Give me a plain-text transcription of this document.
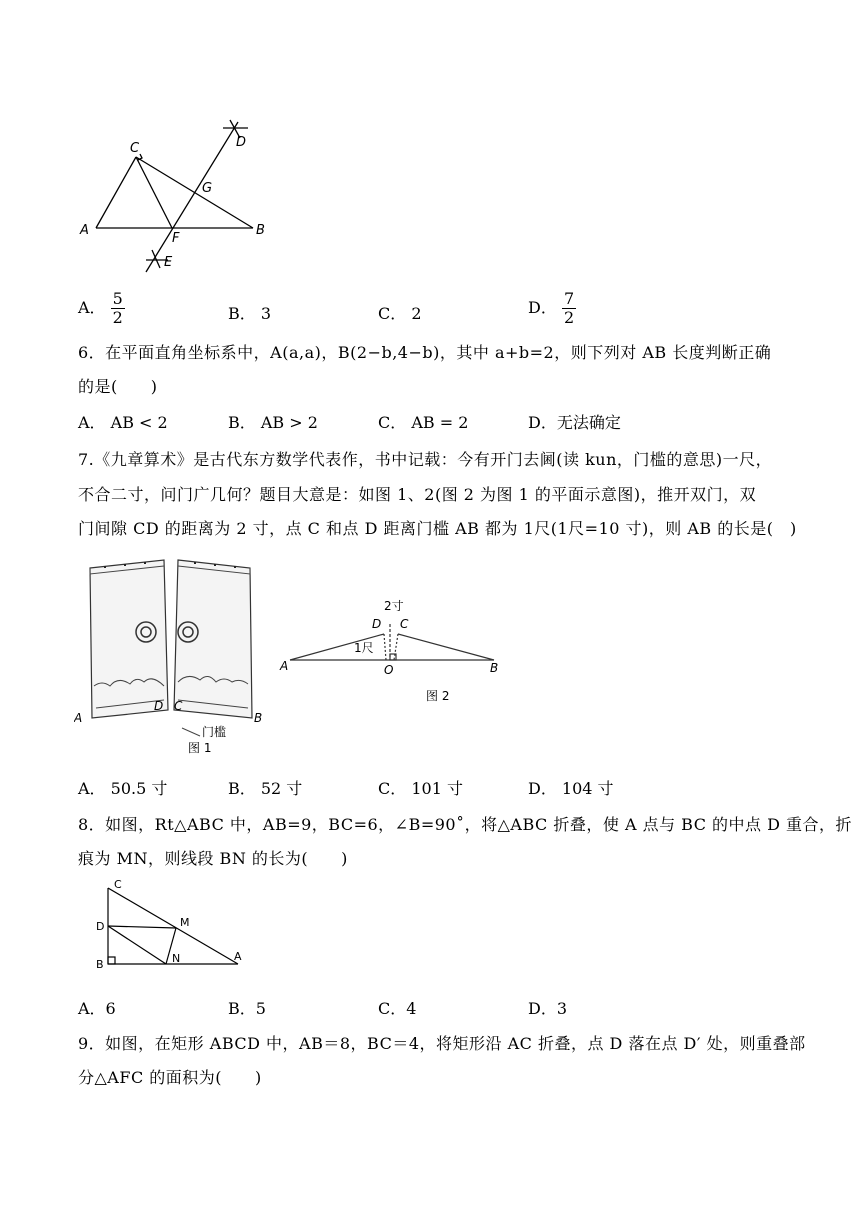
C	D
G
A
F
B
E
A． $\frac{5}{2}$	B． 3	C． 2	D． $\frac{7}{2}$
6．在平面直角坐标系中，A(a,a)，B(2−b,4−b)，其中 a+b=2，则下列对 AB 长度判断正确
的是(　　)
A． AB < 2	B． AB > 2	C． AB = 2	D．无法确定
7.《九章算术》是古代东方数学代表作，书中记载：今有开门去阃(读 kun，门槛的意思)一尺，
不合二寸，问门广几何？题目大意是：如图 1、2(图 2 为图 1 的平面示意图)，推开双门，双
门间隙 CD 的距离为 2 寸，点 C 和点 D 距离门槛 AB 都为 1尺(1尺=10 寸)，则 AB 的长是(　)
A
D C
B
门槛
图 1
2寸
D C
1尺
A	O	B
图 2
A． 50.5 寸	B． 52 寸	C． 101 寸	D． 104 寸
8．如图，Rt△ABC 中，AB=9，BC=6，∠B=90˚，将△ABC 折叠，使 A 点与 BC 的中点 D 重合，折
痕为 MN，则线段 BN 的长为(　　)
C
D	M
B	N	A
A．6	B．5	C．4	D．3
9．如图，在矩形 ABCD 中，AB＝8，BC＝4，将矩形沿 AC 折叠，点 D 落在点 D′ 处，则重叠部
分△AFC 的面积为(　　)
